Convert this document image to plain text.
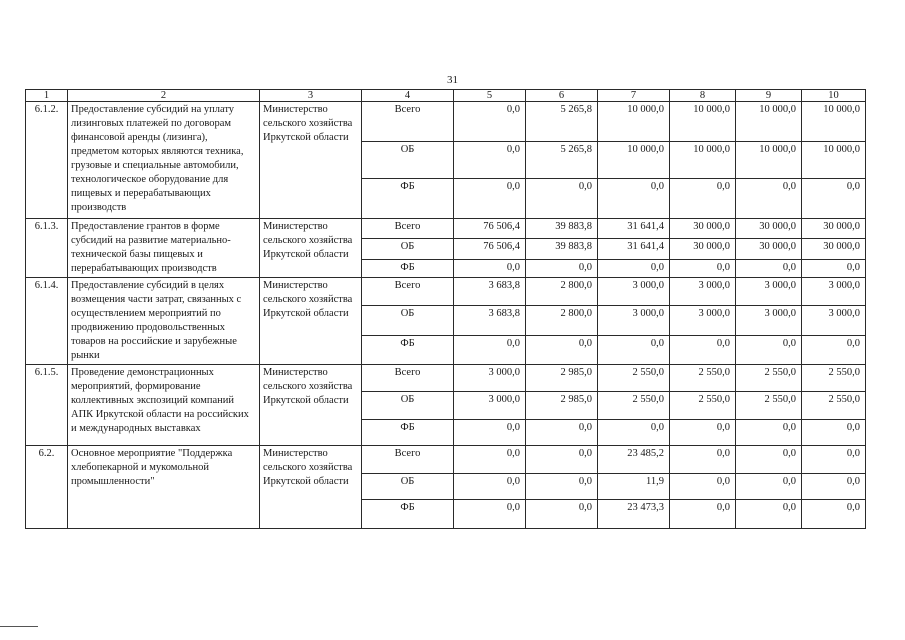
31
1	2	3	4	5	6	7	8	9	10
6.1.2.	Предоставление субсидий на уплату лизинговых платежей по договорам финансовой аренды (лизинга), предметом которых являются техника, грузовые и специальные автомобили, технологическое оборудование для пищевых и перерабатывающих производств	Министерство сельского хозяйства Иркутской области	Всего	0,0	5 265,8	10 000,0	10 000,0	10 000,0	10 000,0
			ОБ	0,0	5 265,8	10 000,0	10 000,0	10 000,0	10 000,0
			ФБ	0,0	0,0	0,0	0,0	0,0	0,0
6.1.3.	Предоставление грантов в форме субсидий на развитие материально-технической базы пищевых и перерабатывающих производств	Министерство сельского хозяйства Иркутской области	Всего	76 506,4	39 883,8	31 641,4	30 000,0	30 000,0	30 000,0
			ОБ	76 506,4	39 883,8	31 641,4	30 000,0	30 000,0	30 000,0
			ФБ	0,0	0,0	0,0	0,0	0,0	0,0
6.1.4.	Предоставление субсидий в целях возмещения части затрат, связанных с осуществлением мероприятий по продвижению продовольственных товаров на российские и зарубежные рынки	Министерство сельского хозяйства Иркутской области	Всего	3 683,8	2 800,0	3 000,0	3 000,0	3 000,0	3 000,0
			ОБ	3 683,8	2 800,0	3 000,0	3 000,0	3 000,0	3 000,0
			ФБ	0,0	0,0	0,0	0,0	0,0	0,0
6.1.5.	Проведение демонстрационных мероприятий, формирование коллективных экспозиций компаний АПК Иркутской области на российских и международных выставках	Министерство сельского хозяйства Иркутской области	Всего	3 000,0	2 985,0	2 550,0	2 550,0	2 550,0	2 550,0
			ОБ	3 000,0	2 985,0	2 550,0	2 550,0	2 550,0	2 550,0
			ФБ	0,0	0,0	0,0	0,0	0,0	0,0
6.2.	Основное мероприятие "Поддержка хлебопекарной и мукомольной промышленности"	Министерство сельского хозяйства Иркутской области	Всего	0,0	0,0	23 485,2	0,0	0,0	0,0
			ОБ	0,0	0,0	11,9	0,0	0,0	0,0
			ФБ	0,0	0,0	23 473,3	0,0	0,0	0,0
